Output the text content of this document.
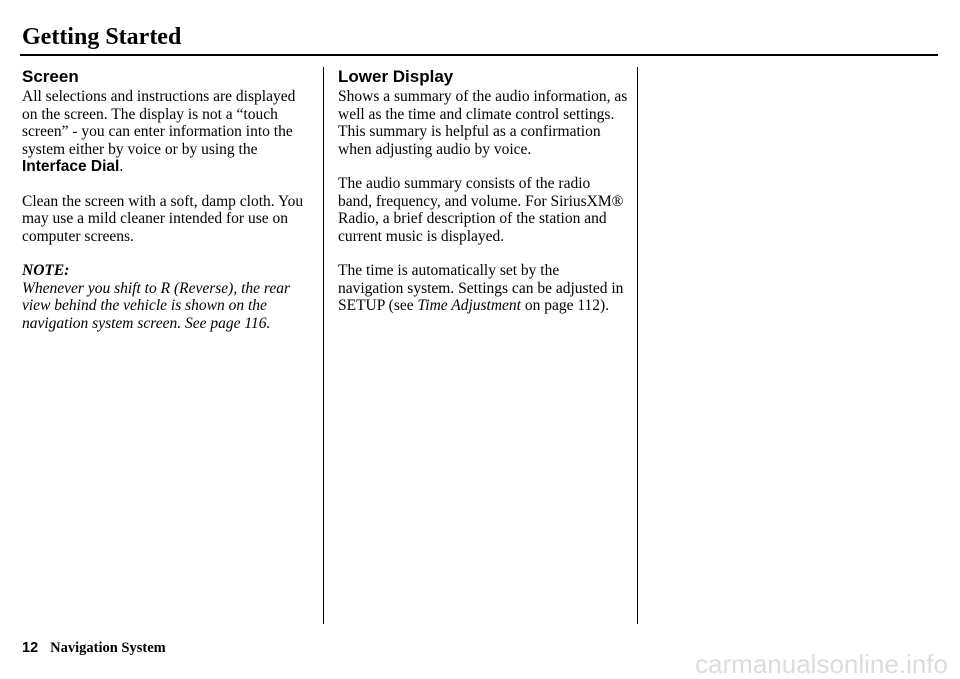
Getting Started
Screen

All selections and instructions are displayed on the screen. The display is not a “touch screen” - you can enter information into the system either by voice or by using the Interface Dial.

Clean the screen with a soft, damp cloth. You may use a mild cleaner intended for use on computer screens.

NOTE:

Whenever you shift to R (Reverse), the rear view behind the vehicle is shown on the navigation system screen. See page 116.

Lower Display

Shows a summary of the audio information, as well as the time and climate control settings. This summary is helpful as a confirmation when adjusting audio by voice.

The audio summary consists of the radio band, frequency, and volume. For SiriusXM® Radio, a brief description of the station and current music is displayed.

The time is automatically set by the navigation system. Settings can be adjusted in SETUP (see Time Adjustment on page 112).

12 Navigation System
carmanualsonline.info
